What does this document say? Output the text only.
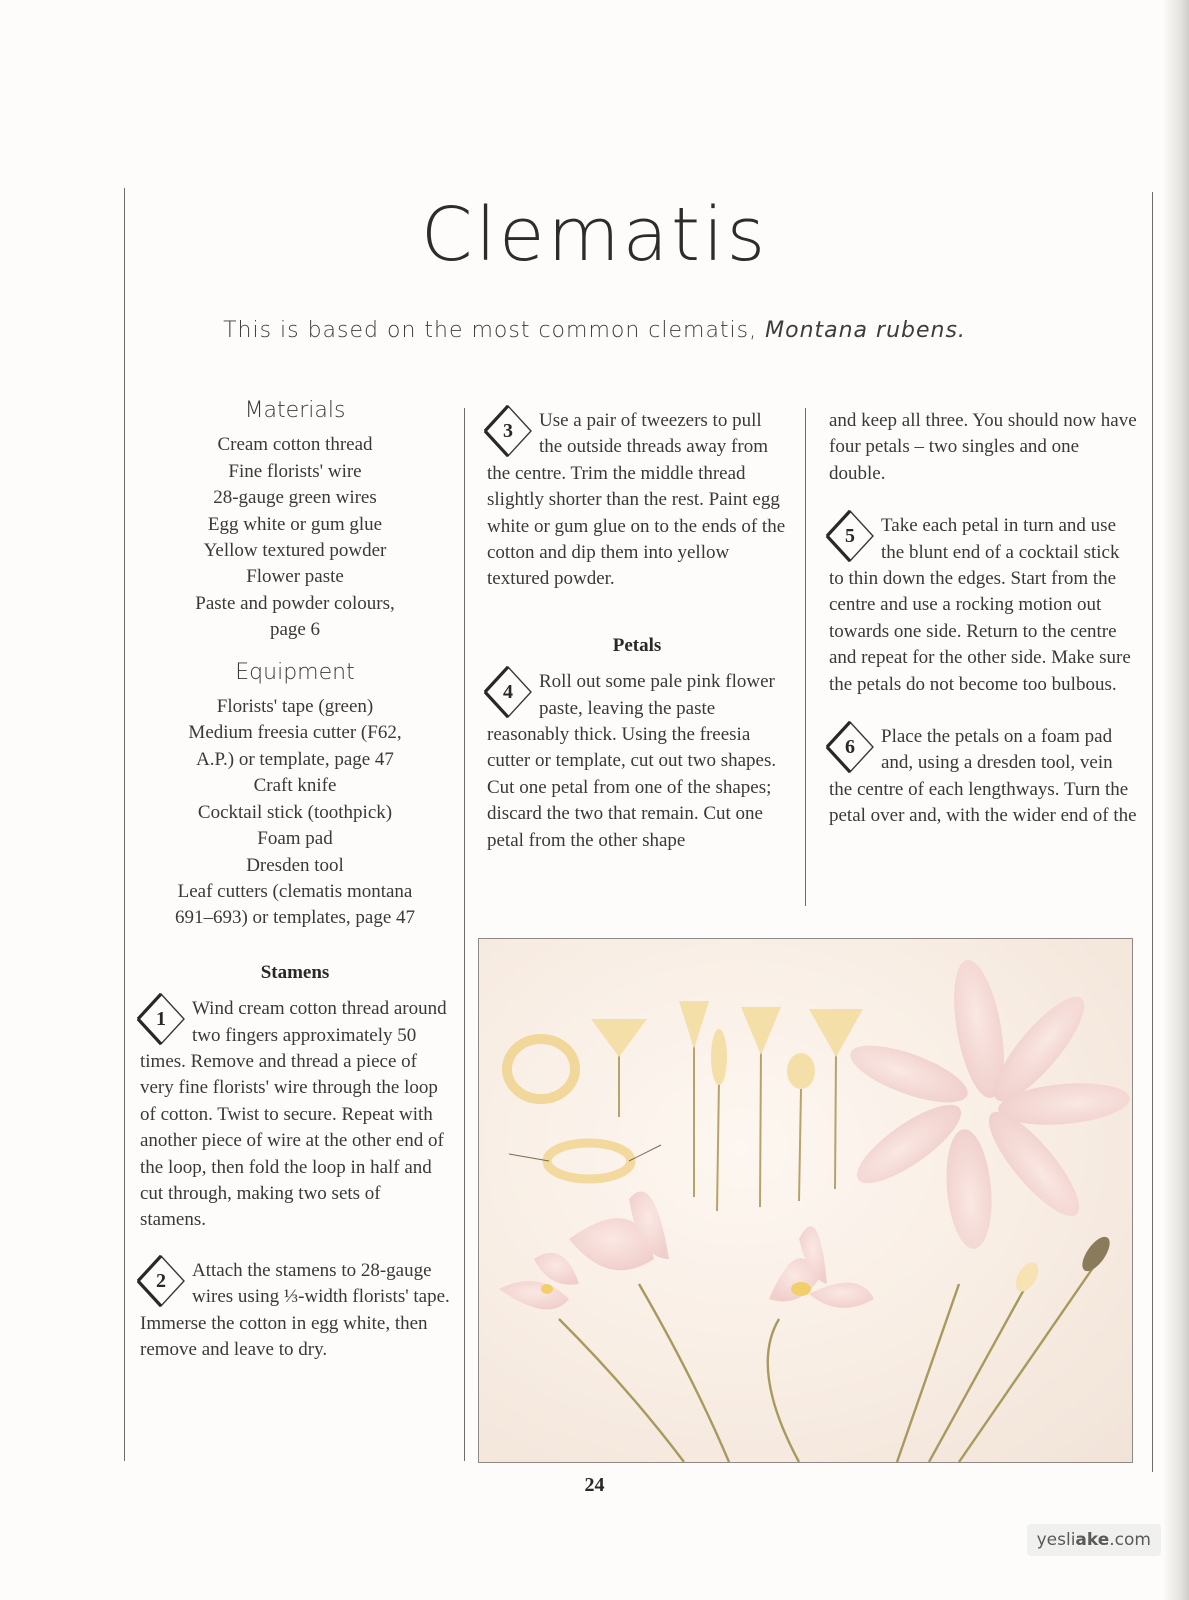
Clematis
This is based on the most common clematis, Montana rubens.
Materials
Cream cotton thread
Fine florists' wire
28-gauge green wires
Egg white or gum glue
Yellow textured powder
Flower paste
Paste and powder colours,
page 6
Equipment
Florists' tape (green)
Medium freesia cutter (F62,
A.P.) or template, page 47
Craft knife
Cocktail stick (toothpick)
Foam pad
Dresden tool
Leaf cutters (clematis montana
691–693) or templates, page 47
Stamens
1	Wind cream cotton thread around two fingers approximately 50 times. Remove and thread a piece of very fine florists' wire through the loop of cotton. Twist to secure. Repeat with another piece of wire at the other end of the loop, then fold the loop in half and cut through, making two sets of stamens.

2	Attach the stamens to 28-gauge wires using ⅓-width florists' tape. Immerse the cotton in egg white, then remove and leave to dry.

3	Use a pair of tweezers to pull the outside threads away from the centre. Trim the middle thread slightly shorter than the rest. Paint egg white or gum glue on to the ends of the cotton and dip them into yellow textured powder.

Petals
4	Roll out some pale pink flower paste, leaving the paste reasonably thick. Using the freesia cutter or template, cut out two shapes. Cut one petal from one of the shapes; discard the two that remain. Cut one petal from the other shape

and keep all three. You should now have four petals – two singles and one double.

5	Take each petal in turn and use the blunt end of a cocktail stick to thin down the edges. Start from the centre and use a rocking motion out towards one side. Return to the centre and repeat for the other side. Make sure the petals do not become too bulbous.

6	Place the petals on a foam pad and, using a dresden tool, vein the centre of each lengthways. Turn the petal over and, with the wider end of the

24
yesliake.com
